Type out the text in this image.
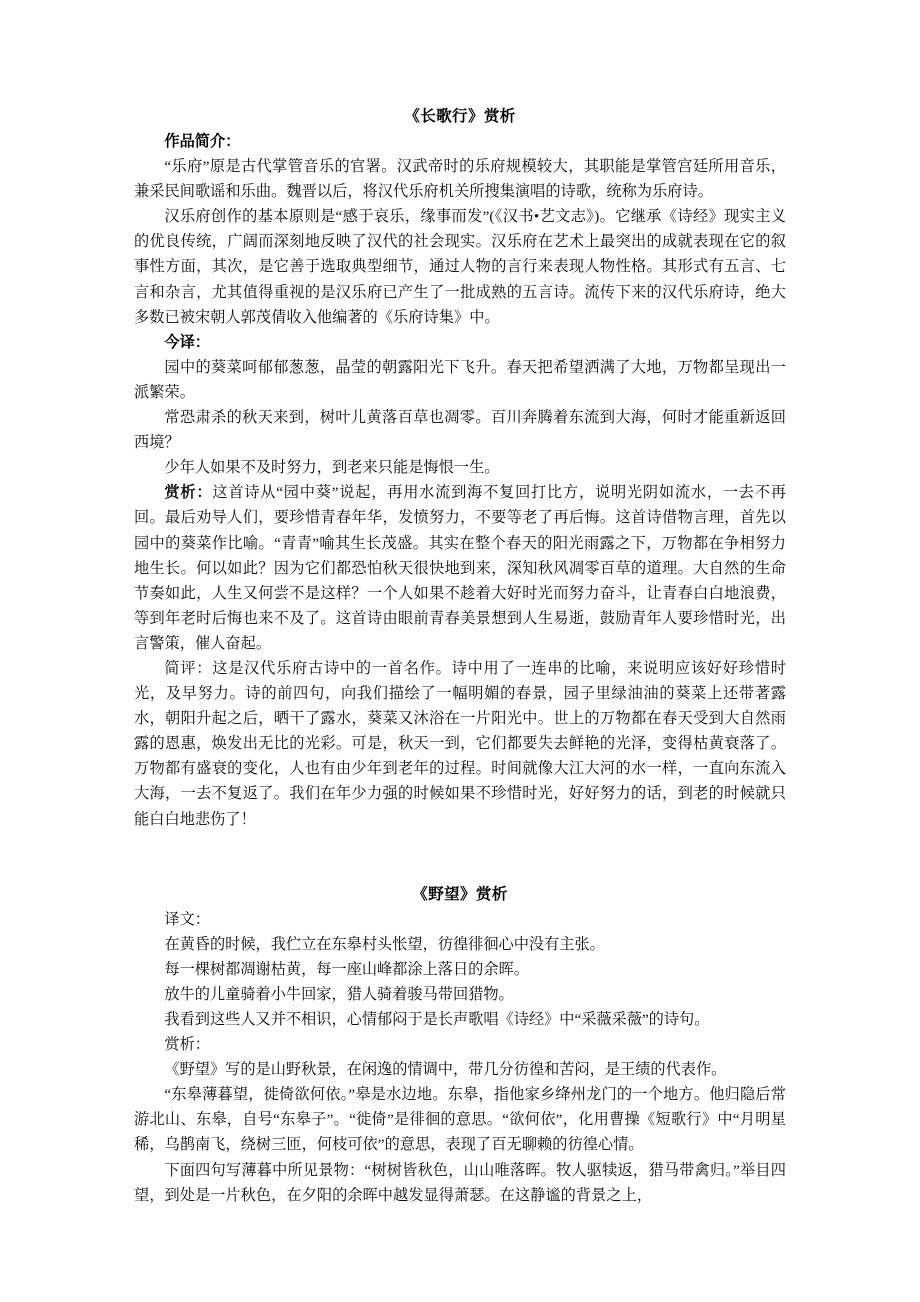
《长歌行》赏析

作品简介：

“乐府”原是古代掌管音乐的官署。汉武帝时的乐府规模较大，其职能是掌管宫廷所用音乐，兼采民间歌谣和乐曲。魏晋以后，将汉代乐府机关所搜集演唱的诗歌，统称为乐府诗。

汉乐府创作的基本原则是“感于哀乐，缘事而发”(《汉书•艺文志》)。它继承《诗经》现实主义的优良传统，广阔而深刻地反映了汉代的社会现实。汉乐府在艺术上最突出的成就表现在它的叙事性方面，其次，是它善于选取典型细节，通过人物的言行来表现人物性格。其形式有五言、七言和杂言，尤其值得重视的是汉乐府已产生了一批成熟的五言诗。流传下来的汉代乐府诗，绝大多数已被宋朝人郭茂倩收入他编著的《乐府诗集》中。

今译：

园中的葵菜呵郁郁葱葱，晶莹的朝露阳光下飞升。春天把希望洒满了大地，万物都呈现出一派繁荣。

常恐肃杀的秋天来到，树叶儿黄落百草也凋零。百川奔腾着东流到大海，何时才能重新返回西境？

少年人如果不及时努力，到老来只能是悔恨一生。

赏析：这首诗从“园中葵”说起，再用水流到海不复回打比方，说明光阴如流水，一去不再回。最后劝导人们，要珍惜青春年华，发愤努力，不要等老了再后悔。这首诗借物言理，首先以园中的葵菜作比喻。“青青”喻其生长茂盛。其实在整个春天的阳光雨露之下，万物都在争相努力地生长。何以如此？因为它们都恐怕秋天很快地到来，深知秋风凋零百草的道理。大自然的生命节奏如此，人生又何尝不是这样？一个人如果不趁着大好时光而努力奋斗，让青春白白地浪费，等到年老时后悔也来不及了。这首诗由眼前青春美景想到人生易逝，鼓励青年人要珍惜时光，出言警策，催人奋起。

简评：这是汉代乐府古诗中的一首名作。诗中用了一连串的比喻，来说明应该好好珍惜时光，及早努力。诗的前四句，向我们描绘了一幅明媚的春景，园子里绿油油的葵菜上还带著露水，朝阳升起之后，晒干了露水，葵菜又沐浴在一片阳光中。世上的万物都在春天受到大自然雨露的恩惠，焕发出无比的光彩。可是，秋天一到，它们都要失去鲜艳的光泽，变得枯黄衰落了。万物都有盛衰的变化，人也有由少年到老年的过程。时间就像大江大河的水一样，一直向东流入大海，一去不复返了。我们在年少力强的时候如果不珍惜时光，好好努力的话，到老的时候就只能白白地悲伤了！

《野望》赏析

译文：

在黄昏的时候，我伫立在东皋村头怅望，彷徨徘徊心中没有主张。

每一棵树都凋谢枯黄，每一座山峰都涂上落日的余晖。

放牛的儿童骑着小牛回家，猎人骑着骏马带回猎物。

我看到这些人又并不相识，心情郁闷于是长声歌唱《诗经》中“采薇采薇”的诗句。

赏析：

《野望》写的是山野秋景，在闲逸的情调中，带几分彷徨和苦闷，是王绩的代表作。

“东皋薄暮望，徙倚欲何依。”皋是水边地。东皋，指他家乡绛州龙门的一个地方。他归隐后常游北山、东皋，自号“东皋子”。“徙倚”是徘徊的意思。“欲何依”，化用曹操《短歌行》中“月明星稀，乌鹊南飞，绕树三匝，何枝可依”的意思，表现了百无聊赖的彷徨心情。

下面四句写薄暮中所见景物：“树树皆秋色，山山唯落晖。牧人驱犊返，猎马带禽归。”举目四望，到处是一片秋色，在夕阳的余晖中越发显得萧瑟。在这静谧的背景之上，
